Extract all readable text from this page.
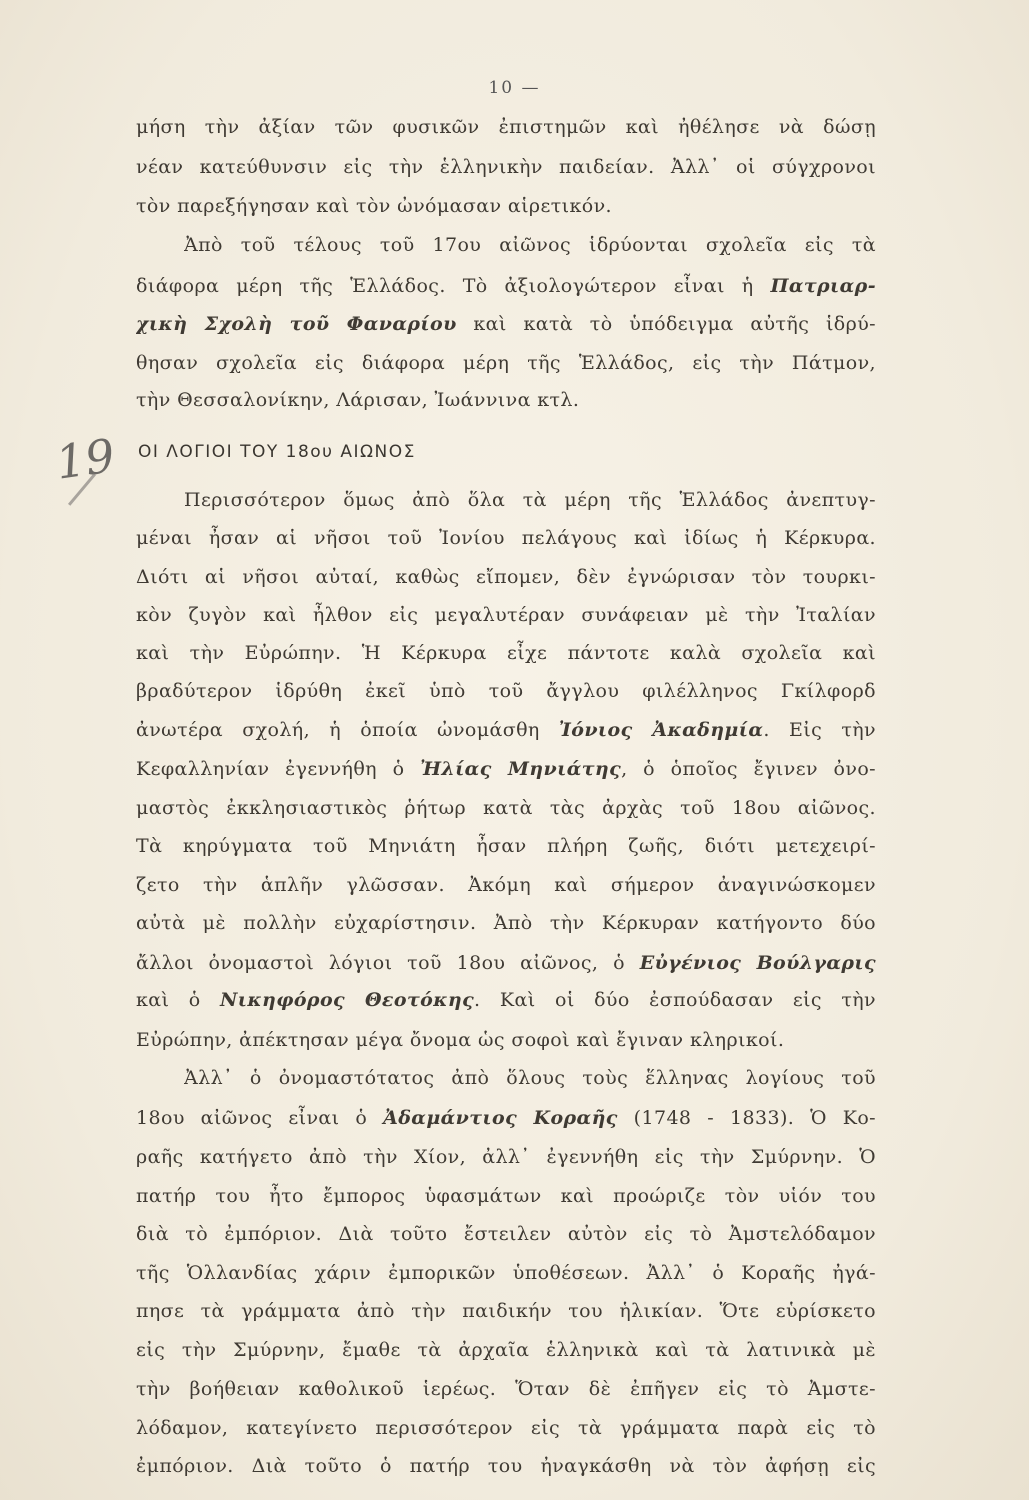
10 —
19 ΟΙ ΛΟΓΙΟΙ ΤΟΥ 18ου ΑΙΩΝΟΣ
μήση τὴν ἀξίαν τῶν φυσικῶν ἐπιστημῶν καὶ ἠθέλησε νὰ δώσῃ
νέαν κατεύθυνσιν εἰς τὴν ἑλληνικὴν παιδείαν. Ἀλλ᾽ οἱ σύγχρονοι
τὸν παρεξήγησαν καὶ τὸν ὠνόμασαν αἱρετικόν.
Ἀπὸ τοῦ τέλους τοῦ 17ου αἰῶνος ἱδρύονται σχολεῖα εἰς τὰ
διάφορα μέρη τῆς Ἑλλάδος. Τὸ ἀξιολογώτερον εἶναι ἡ Πατριαρ-
χικὴ Σχολὴ τοῦ Φαναρίου καὶ κατὰ τὸ ὑπόδειγμα αὐτῆς ἱδρύ-
θησαν σχολεῖα εἰς διάφορα μέρη τῆς Ἑλλάδος, εἰς τὴν Πάτμον,
τὴν Θεσσαλονίκην, Λάρισαν, Ἰωάννινα κτλ.
Περισσότερον ὅμως ἀπὸ ὅλα τὰ μέρη τῆς Ἑλλάδος ἀνεπτυγ-
μέναι ἦσαν αἱ νῆσοι τοῦ Ἰονίου πελάγους καὶ ἰδίως ἡ Κέρκυρα.
Διότι αἱ νῆσοι αὐταί, καθὼς εἴπομεν, δὲν ἐγνώρισαν τὸν τουρκι-
κὸν ζυγὸν καὶ ἦλθον εἰς μεγαλυτέραν συνάφειαν μὲ τὴν Ἰταλίαν
καὶ τὴν Εὐρώπην. Ἡ Κέρκυρα εἶχε πάντοτε καλὰ σχολεῖα καὶ
βραδύτερον ἱδρύθη ἐκεῖ ὑπὸ τοῦ ἄγγλου φιλέλληνος Γκίλφορδ
ἀνωτέρα σχολή, ἡ ὁποία ὠνομάσθη Ἰόνιος Ἀκαδημία. Εἰς τὴν
Κεφαλληνίαν ἐγεννήθη ὁ Ἠλίας Μηνιάτης, ὁ ὁποῖος ἔγινεν ὀνο-
μαστὸς ἐκκλησιαστικὸς ῥήτωρ κατὰ τὰς ἀρχὰς τοῦ 18ου αἰῶνος.
Τὰ κηρύγματα τοῦ Μηνιάτη ἦσαν πλήρη ζωῆς, διότι μετεχειρί-
ζετο τὴν ἁπλῆν γλῶσσαν. Ἀκόμη καὶ σήμερον ἀναγινώσκομεν
αὐτὰ μὲ πολλὴν εὐχαρίστησιν. Ἀπὸ τὴν Κέρκυραν κατήγοντο δύο
ἄλλοι ὀνομαστοὶ λόγιοι τοῦ 18ου αἰῶνος, ὁ Εὐγένιος Βούλγαρις
καὶ ὁ Νικηφόρος Θεοτόκης. Καὶ οἱ δύο ἐσπούδασαν εἰς τὴν
Εὐρώπην, ἀπέκτησαν μέγα ὄνομα ὡς σοφοὶ καὶ ἔγιναν κληρικοί.
Ἀλλ᾽ ὁ ὀνομαστότατος ἀπὸ ὅλους τοὺς ἕλληνας λογίους τοῦ
18ου αἰῶνος εἶναι ὁ Ἀδαμάντιος Κοραῆς (1748 - 1833). Ὁ Κο-
ραῆς κατήγετο ἀπὸ τὴν Χίον, ἀλλ᾽ ἐγεννήθη εἰς τὴν Σμύρνην. Ὁ
πατήρ του ἦτο ἔμπορος ὑφασμάτων καὶ προώριζε τὸν υἱόν του
διὰ τὸ ἐμπόριον. Διὰ τοῦτο ἔστειλεν αὐτὸν εἰς τὸ Ἀμστελόδαμον
τῆς Ὁλλανδίας χάριν ἐμπορικῶν ὑποθέσεων. Ἀλλ᾽ ὁ Κοραῆς ἠγά-
πησε τὰ γράμματα ἀπὸ τὴν παιδικήν του ἡλικίαν. Ὅτε εὑρίσκετο
εἰς τὴν Σμύρνην, ἔμαθε τὰ ἀρχαῖα ἑλληνικὰ καὶ τὰ λατινικὰ μὲ
τὴν βοήθειαν καθολικοῦ ἱερέως. Ὅταν δὲ ἐπῆγεν εἰς τὸ Ἀμστε-
λόδαμον, κατεγίνετο περισσότερον εἰς τὰ γράμματα παρὰ εἰς τὸ
ἐμπόριον. Διὰ τοῦτο ὁ πατήρ του ἠναγκάσθη νὰ τὸν ἀφήσῃ εἰς
